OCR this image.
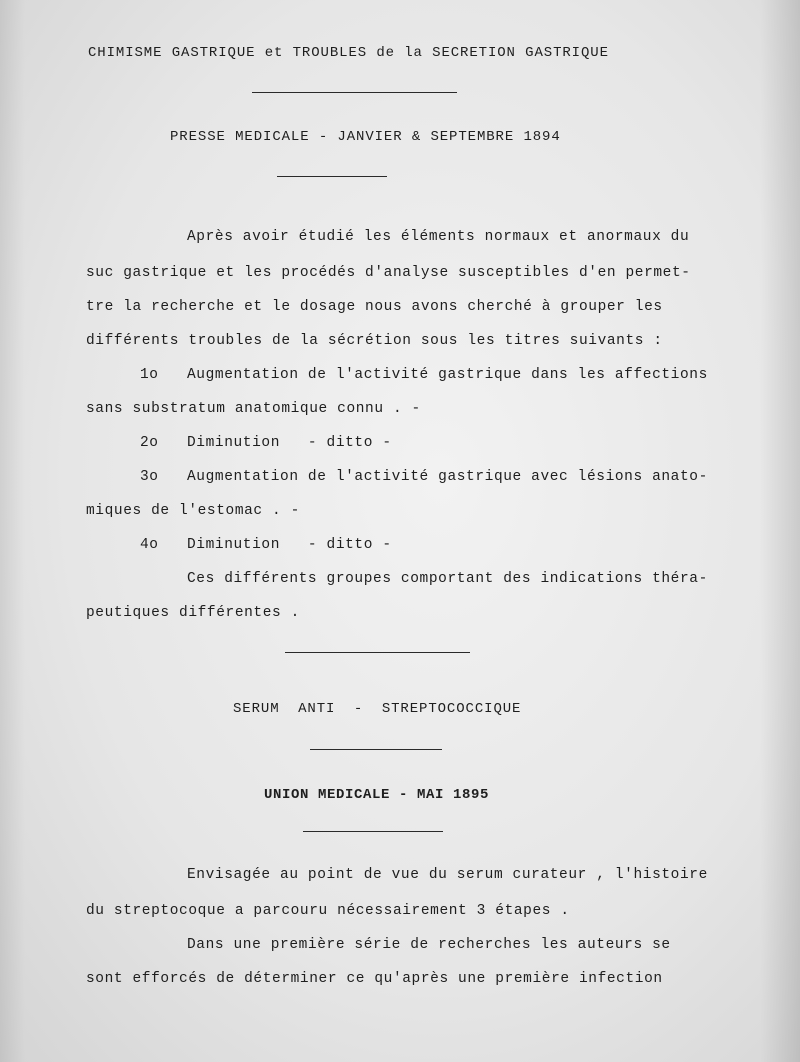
CHIMISME GASTRIQUE et TROUBLES de la SECRETION GASTRIQUE
PRESSE MEDICALE - JANVIER & SEPTEMBRE 1894
Après avoir étudié les éléments normaux et anormaux du
suc gastrique et les procédés d'analyse susceptibles d'en permet-
tre la recherche et le dosage nous avons cherché à grouper les
différents troubles de la sécrétion sous les titres suivants :
1o Augmentation de l'activité gastrique dans les affections
sans substratum anatomique connu . -
2o Diminution   - ditto -
3o Augmentation de l'activité gastrique avec lésions anato-
miques de l'estomac . -
4o Diminution   - ditto -
Ces différents groupes comportant des indications théra-
peutiques différentes .
SERUM  ANTI  -  STREPTOCOCCIQUE
UNION MEDICALE - MAI 1895
Envisagée au point de vue du serum curateur , l'histoire
du streptocoque a parcouru nécessairement 3 étapes .
Dans une première série de recherches les auteurs se
sont efforcés de déterminer ce qu'après une première infection
